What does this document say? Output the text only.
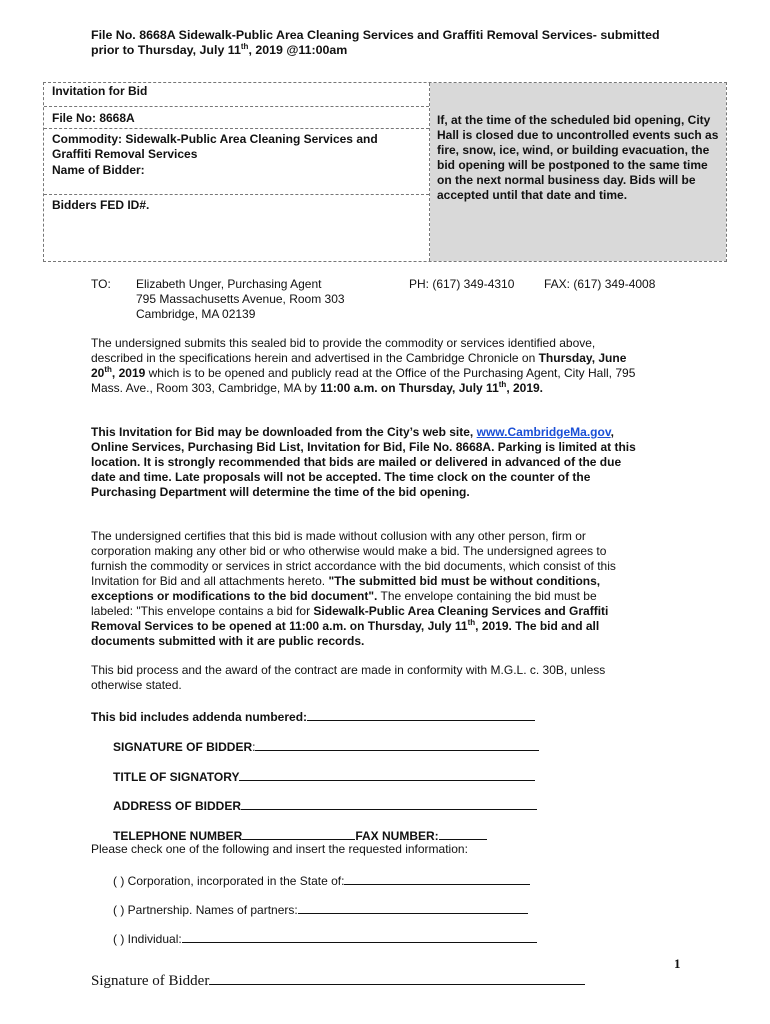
File No. 8668A Sidewalk-Public Area Cleaning Services and Graffiti Removal Services- submitted
prior to Thursday, July 11th, 2019 @11:00am
Invitation for Bid
File No: 8668A
Commodity: Sidewalk-Public Area Cleaning Services and
Graffiti Removal Services
Name of Bidder:
Bidders FED ID#.
If, at the time of the scheduled bid opening, City Hall is closed due to uncontrolled events such as fire, snow, ice, wind, or building evacuation, the bid opening will be postponed to the same time on the next normal business day. Bids will be accepted until that date and time.
TO: Elizabeth Unger, Purchasing Agent
795 Massachusetts Avenue, Room 303
Cambridge, MA 02139
PH: (617) 349-4310 FAX: (617) 349-4008

The undersigned submits this sealed bid to provide the commodity or services identified above, described in the specifications herein and advertised in the Cambridge Chronicle on Thursday, June 20th, 2019 which is to be opened and publicly read at the Office of the Purchasing Agent, City Hall, 795 Mass. Ave., Room 303, Cambridge, MA by 11:00 a.m. on Thursday, July 11th, 2019.

This Invitation for Bid may be downloaded from the City’s web site, www.CambridgeMa.gov, Online Services, Purchasing Bid List, Invitation for Bid, File No. 8668A. Parking is limited at this location. It is strongly recommended that bids are mailed or delivered in advanced of the due date and time. Late proposals will not be accepted. The time clock on the counter of the Purchasing Department will determine the time of the bid opening.

The undersigned certifies that this bid is made without collusion with any other person, firm or corporation making any other bid or who otherwise would make a bid. The undersigned agrees to furnish the commodity or services in strict accordance with the bid documents, which consist of this Invitation for Bid and all attachments hereto. "The submitted bid must be without conditions, exceptions or modifications to the bid document". The envelope containing the bid must be labeled: "This envelope contains a bid for Sidewalk-Public Area Cleaning Services and Graffiti Removal Services to be opened at 11:00 a.m. on Thursday, July 11th, 2019. The bid and all documents submitted with it are public records.

This bid process and the award of the contract are made in conformity with M.G.L. c. 30B, unless otherwise stated.
This bid includes addenda numbered:
SIGNATURE OF BIDDER:
TITLE OF SIGNATORY
ADDRESS OF BIDDER
TELEPHONE NUMBER	FAX NUMBER:
Please check one of the following and insert the requested information:
( ) Corporation, incorporated in the State of:
( ) Partnership. Names of partners:
( ) Individual:
1
Signature of Bidder
